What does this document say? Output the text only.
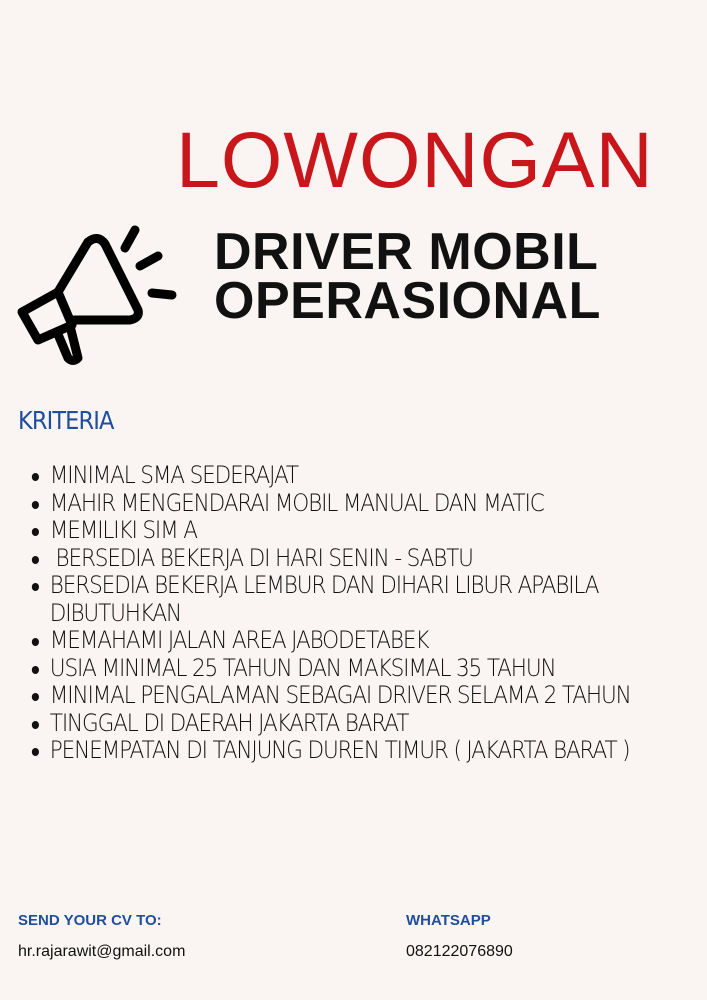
LOWONGAN
DRIVER MOBIL
OPERASIONAL
KRITERIA
MINIMAL SMA SEDERAJAT
MAHIR MENGENDARAI MOBIL MANUAL DAN MATIC
MEMILIKI SIM A
BERSEDIA BEKERJA DI HARI SENIN - SABTU
BERSEDIA BEKERJA LEMBUR DAN DIHARI LIBUR APABILA DIBUTUHKAN
MEMAHAMI JALAN AREA JABODETABEK
USIA MINIMAL 25 TAHUN DAN MAKSIMAL 35 TAHUN
MINIMAL PENGALAMAN SEBAGAI DRIVER SELAMA 2 TAHUN
TINGGAL DI DAERAH JAKARTA BARAT
PENEMPATAN DI TANJUNG DUREN TIMUR ( JAKARTA BARAT )
SEND YOUR CV TO:
hr.rajarawit@gmail.com
WHATSAPP
082122076890
